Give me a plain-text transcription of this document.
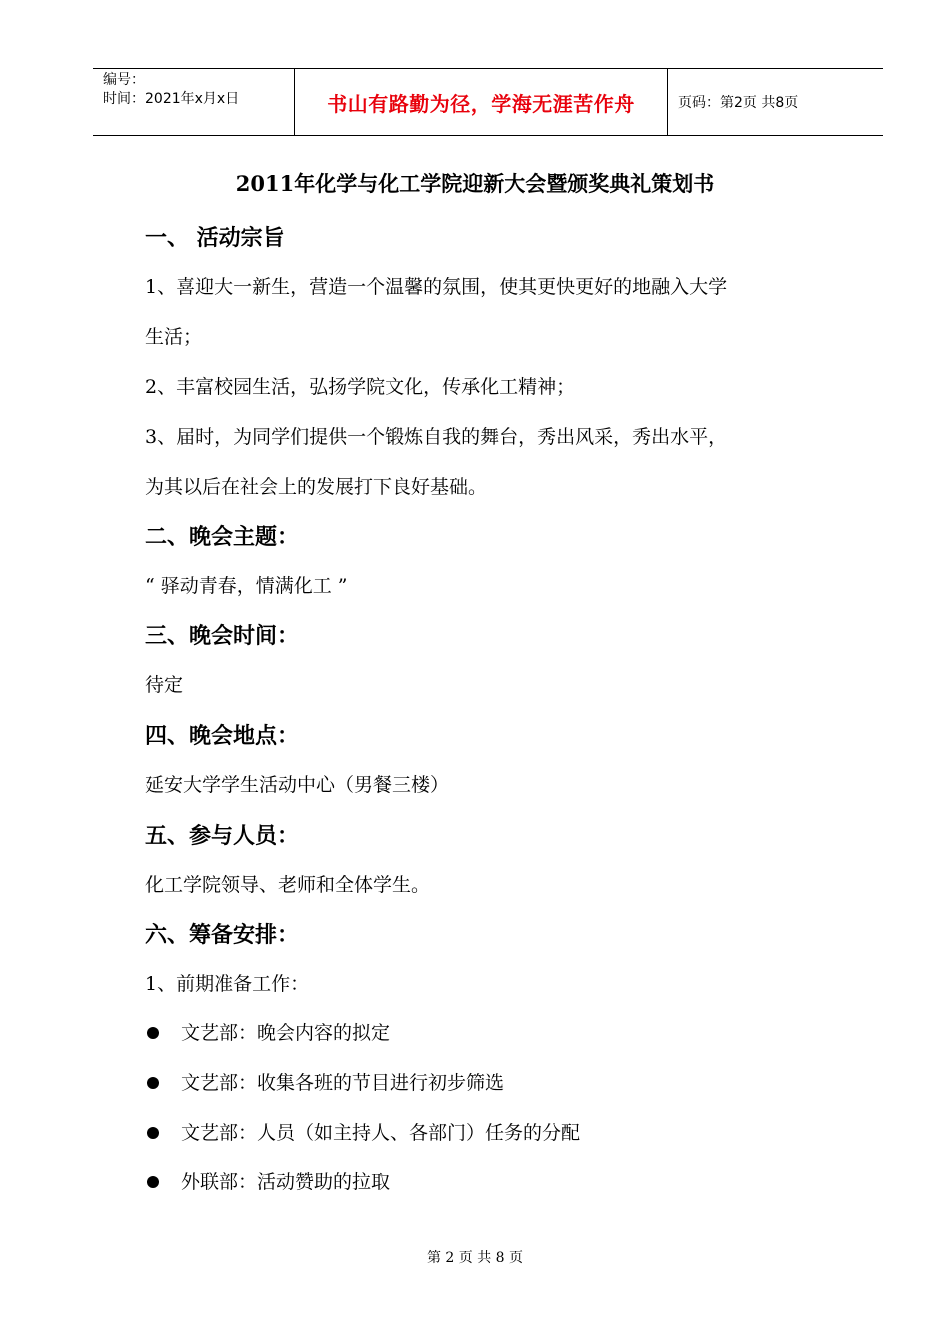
编号：
时间：2021年x月x日	书山有路勤为径，学海无涯苦作舟	页码：第2页 共8页
2011年化学与化工学院迎新大会暨颁奖典礼策划书
一、 活动宗旨
1、喜迎大一新生，营造一个温馨的氛围，使其更快更好的地融入大学
生活；
2、丰富校园生活，弘扬学院文化，传承化工精神；
3、届时，为同学们提供一个锻炼自我的舞台，秀出风采，秀出水平，
为其以后在社会上的发展打下良好基础。
二、晚会主题：
“ 驿动青春，情满化工 ”
三、晚会时间：
待定
四、晚会地点：
延安大学学生活动中心（男餐三楼）
五、参与人员：
化工学院领导、老师和全体学生。
六、筹备安排：
1、前期准备工作：
文艺部：晚会内容的拟定
文艺部：收集各班的节目进行初步筛选
文艺部：人员（如主持人、各部门）任务的分配
外联部：活动赞助的拉取
第 2 页 共 8 页
